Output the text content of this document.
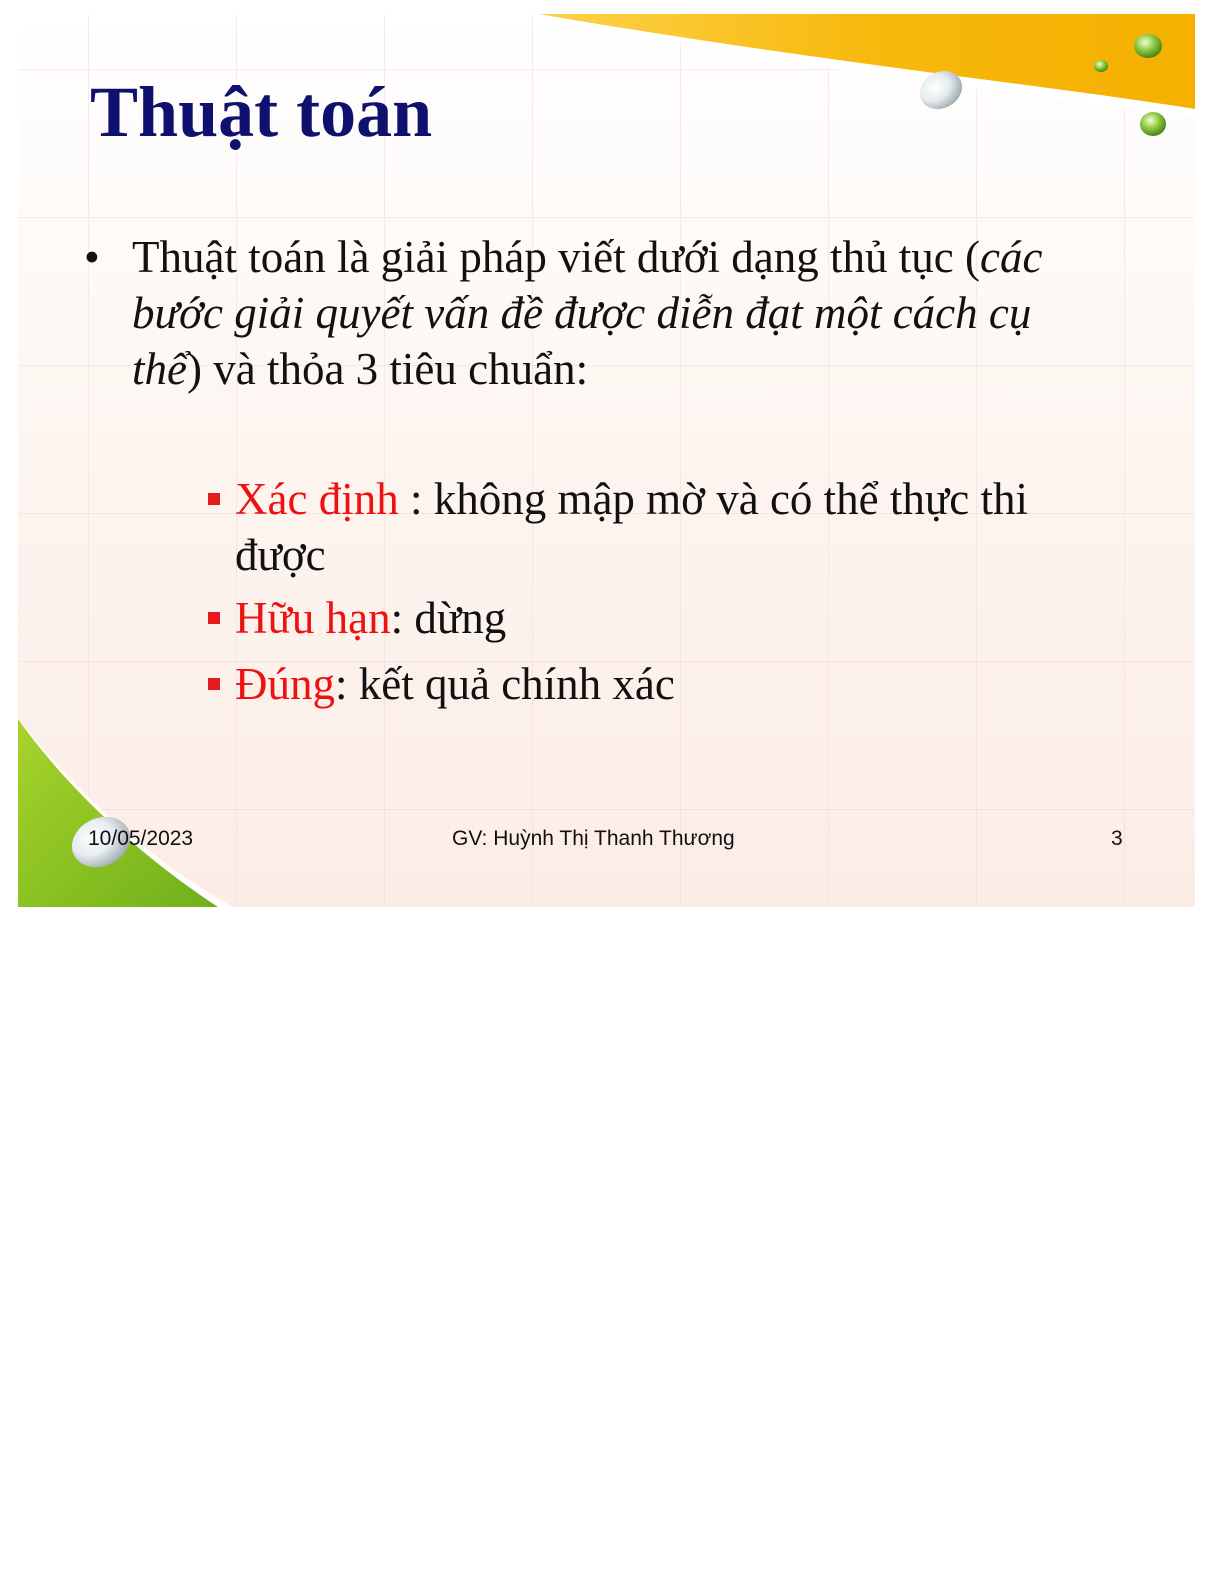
Thuật toán
• Thuật toán là giải pháp viết dưới dạng thủ tục (các bước giải quyết vấn đề được diễn đạt một cách cụ thể) và thỏa 3 tiêu chuẩn:
Xác định : không mập mờ và có thể thực thi được
Hữu hạn: dừng
Đúng: kết quả chính xác
10/05/2023	GV: Huỳnh Thị Thanh Thương	3
